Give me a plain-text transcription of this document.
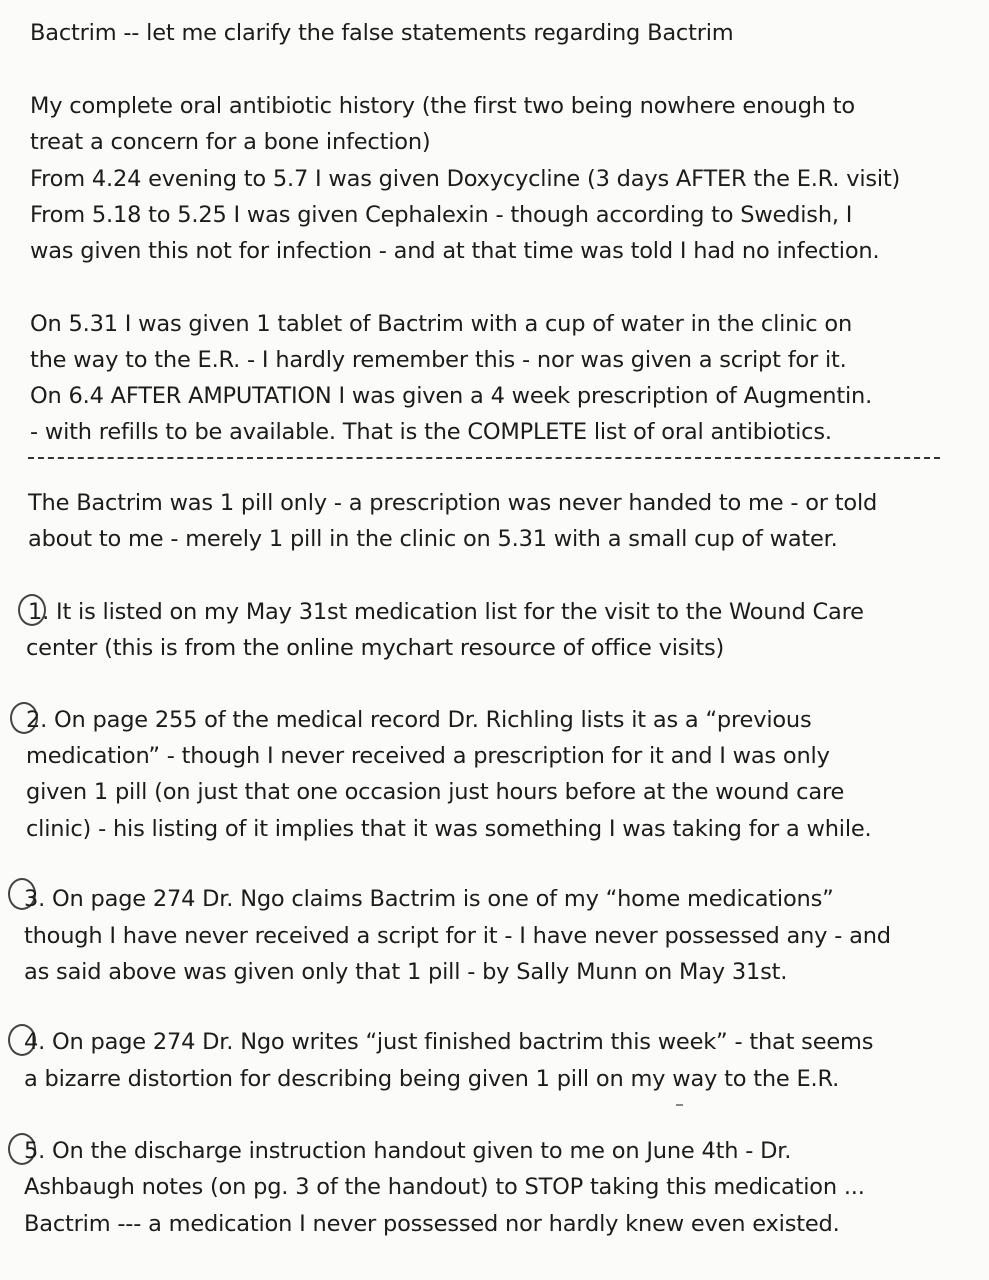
Bactrim -- let me clarify the false statements regarding Bactrim
My complete oral antibiotic history (the first two being nowhere enough to
treat a concern for a bone infection)
From 4.24 evening to 5.7 I was given Doxycycline (3 days AFTER the E.R. visit)
From 5.18 to 5.25 I was given Cephalexin - though according to Swedish, I
was given this not for infection - and at that time was told I had no infection.
On 5.31 I was given 1 tablet of Bactrim with a cup of water in the clinic on
the way to the E.R. - I hardly remember this - nor was given a script for it.
On 6.4 AFTER AMPUTATION I was given a 4 week prescription of Augmentin.
- with refills to be available. That is the COMPLETE list of oral antibiotics.
The Bactrim was 1 pill only - a prescription was never handed to me - or told
about to me - merely 1 pill in the clinic on 5.31 with a small cup of water.
1. It is listed on my May 31st medication list for the visit to the Wound Care
center (this is from the online mychart resource of office visits)
2. On page 255 of the medical record Dr. Richling lists it as a “previous
medication” - though I never received a prescription for it and I was only
given 1 pill (on just that one occasion just hours before at the wound care
clinic) - his listing of it implies that it was something I was taking for a while.
3. On page 274 Dr. Ngo claims Bactrim is one of my “home medications”
though I have never received a script for it - I have never possessed any - and
as said above was given only that 1 pill - by Sally Munn on May 31st.
4. On page 274 Dr. Ngo writes “just finished bactrim this week” - that seems
a bizarre distortion for describing being given 1 pill on my way to the E.R.
5. On the discharge instruction handout given to me on June 4th - Dr.
Ashbaugh notes (on pg. 3 of the handout) to STOP taking this medication ...
Bactrim --- a medication I never possessed nor hardly knew even existed.
